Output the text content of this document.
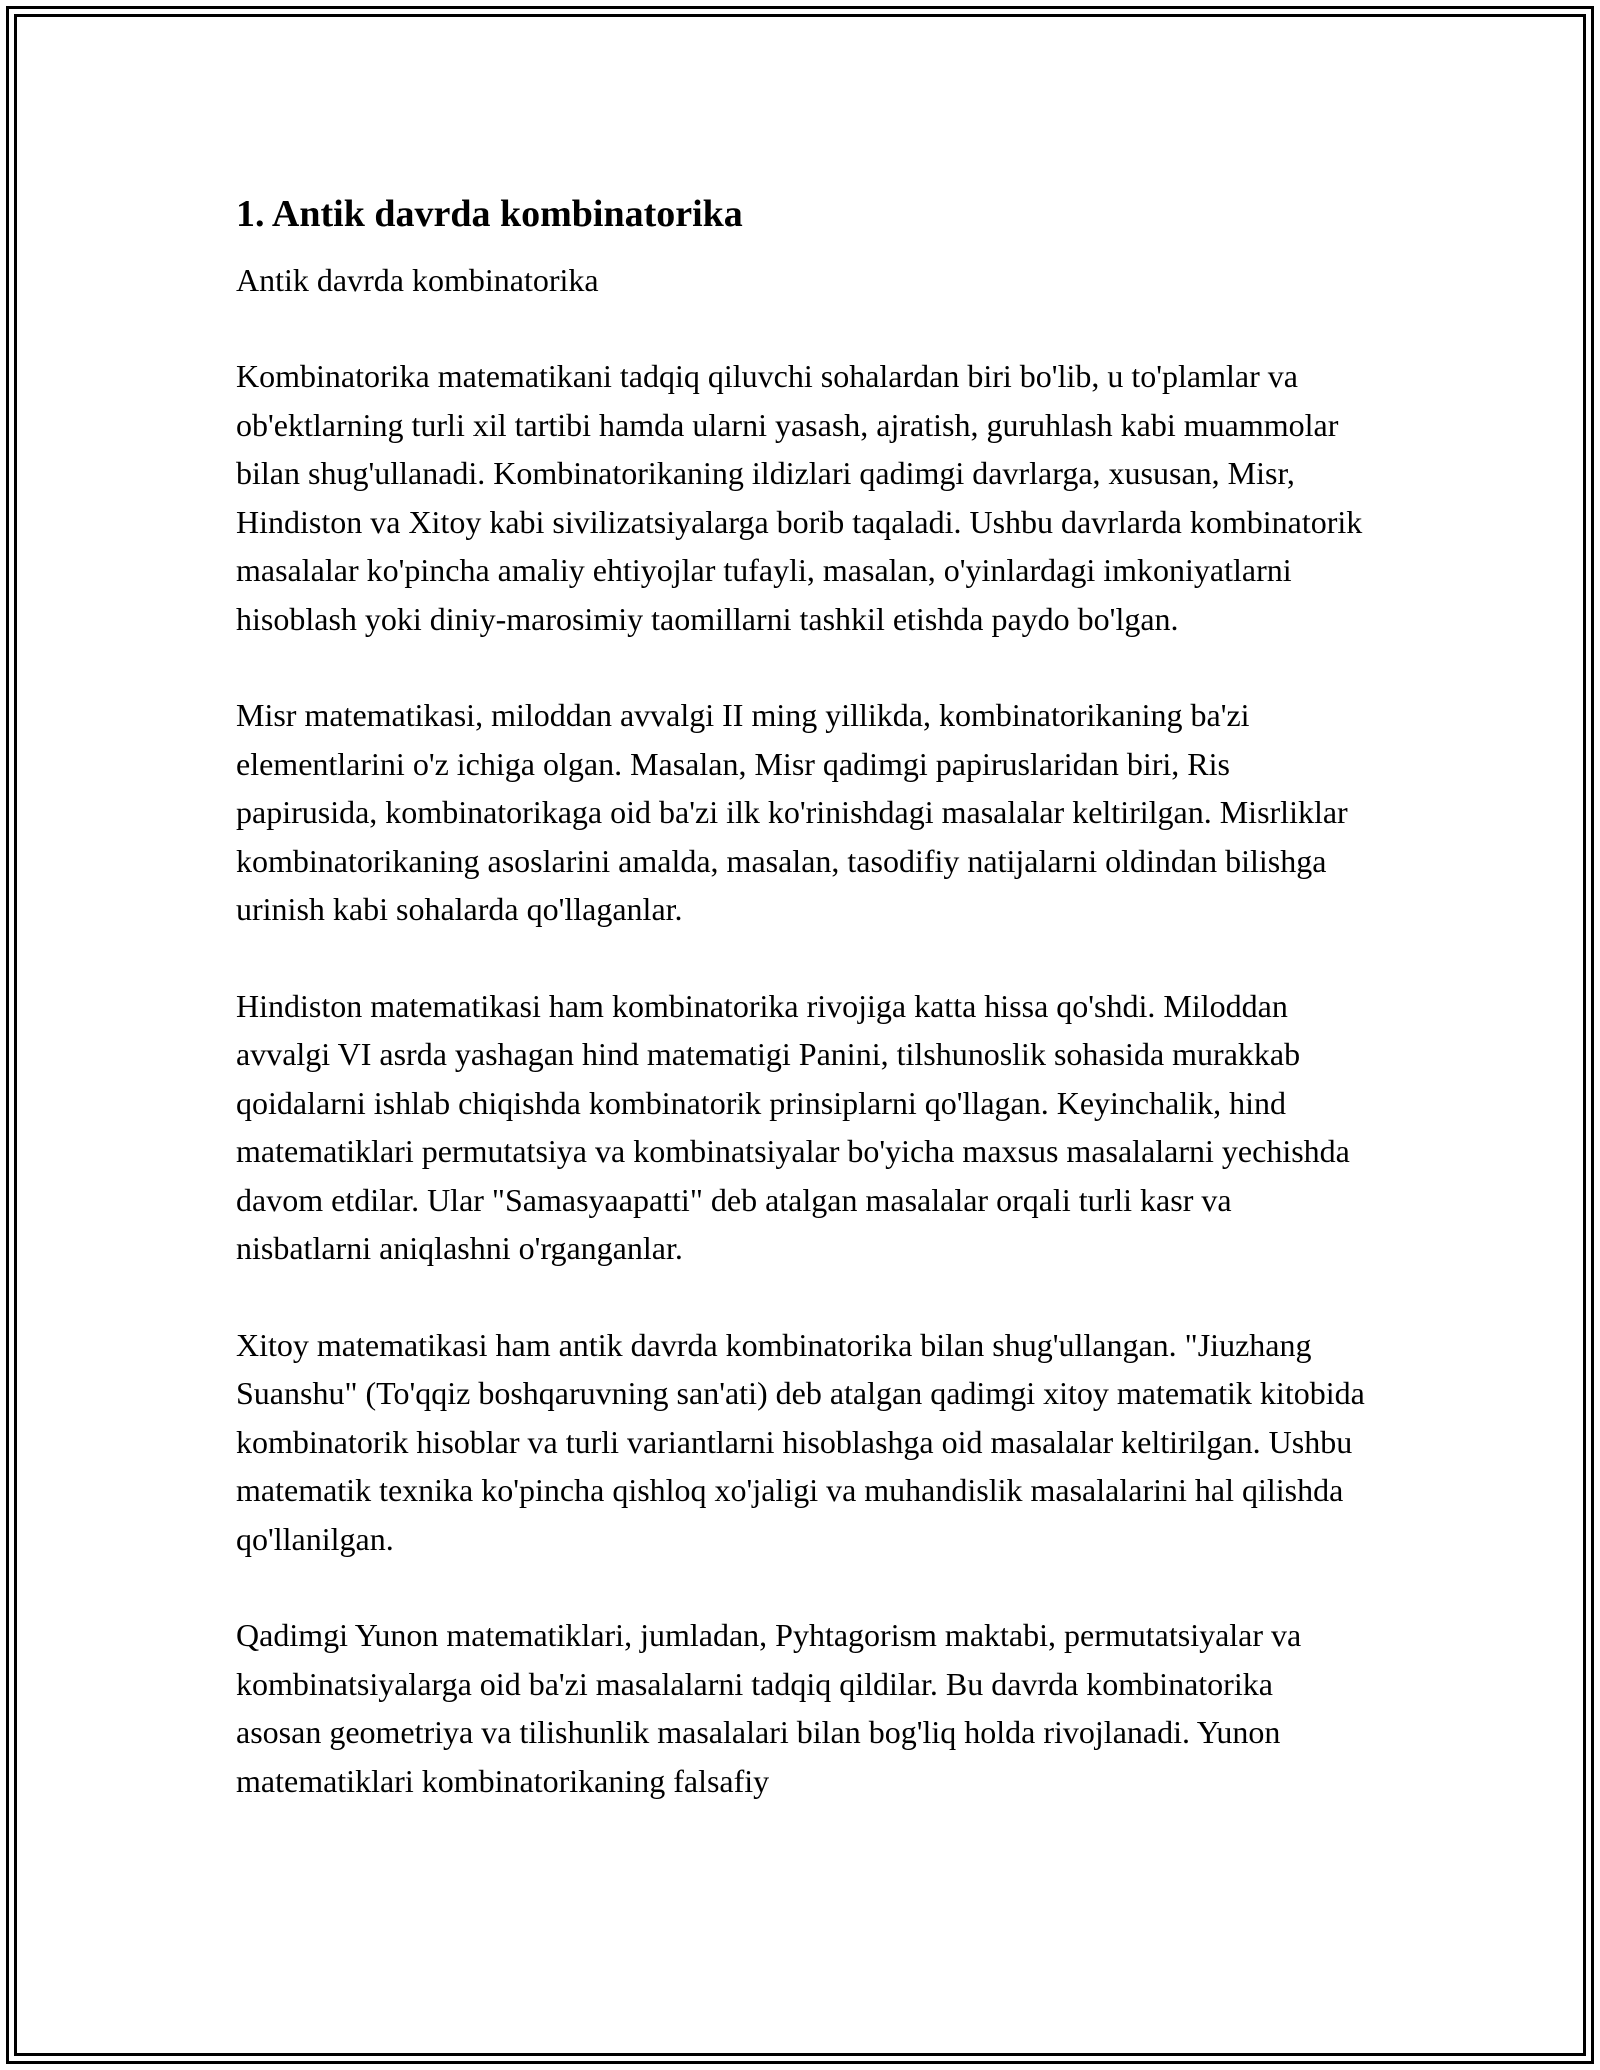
1. Antik davrda kombinatorika

Antik davrda kombinatorika

Kombinatorika matematikani tadqiq qiluvchi sohalardan biri bo'lib, u to'plamlar va ob'ektlarning turli xil tartibi hamda ularni yasash, ajratish, guruhlash kabi muammolar bilan shug'ullanadi. Kombinatorikaning ildizlari qadimgi davrlarga, xususan, Misr, Hindiston va Xitoy kabi sivilizatsiyalarga borib taqaladi. Ushbu davrlarda kombinatorik masalalar ko'pincha amaliy ehtiyojlar tufayli, masalan, o'yinlardagi imkoniyatlarni hisoblash yoki diniy-marosimiy taomillarni tashkil etishda paydo bo'lgan.

Misr matematikasi, miloddan avvalgi II ming yillikda, kombinatorikaning ba'zi elementlarini o'z ichiga olgan. Masalan, Misr qadimgi papiruslaridan biri, Ris papirusida, kombinatorikaga oid ba'zi ilk ko'rinishdagi masalalar keltirilgan. Misrliklar kombinatorikaning asoslarini amalda, masalan, tasodifiy natijalarni oldindan bilishga urinish kabi sohalarda qo'llaganlar.

Hindiston matematikasi ham kombinatorika rivojiga katta hissa qo'shdi. Miloddan avvalgi VI asrda yashagan hind matematigi Panini, tilshunoslik sohasida murakkab qoidalarni ishlab chiqishda kombinatorik prinsiplarni qo'llagan. Keyinchalik, hind matematiklari permutatsiya va kombinatsiyalar bo'yicha maxsus masalalarni yechishda davom etdilar. Ular "Samasyaapatti" deb atalgan masalalar orqali turli kasr va nisbatlarni aniqlashni o'rganganlar.

Xitoy matematikasi ham antik davrda kombinatorika bilan shug'ullangan. "Jiuzhang Suanshu" (To'qqiz boshqaruvning san'ati) deb atalgan qadimgi xitoy matematik kitobida kombinatorik hisoblar va turli variantlarni hisoblashga oid masalalar keltirilgan. Ushbu matematik texnika ko'pincha qishloq xo'jaligi va muhandislik masalalarini hal qilishda qo'llanilgan.

Qadimgi Yunon matematiklari, jumladan, Pyhtagorism maktabi, permutatsiyalar va kombinatsiyalarga oid ba'zi masalalarni tadqiq qildilar. Bu davrda kombinatorika asosan geometriya va tilishunlik masalalari bilan bog'liq holda rivojlanadi. Yunon matematiklari kombinatorikaning falsafiy
